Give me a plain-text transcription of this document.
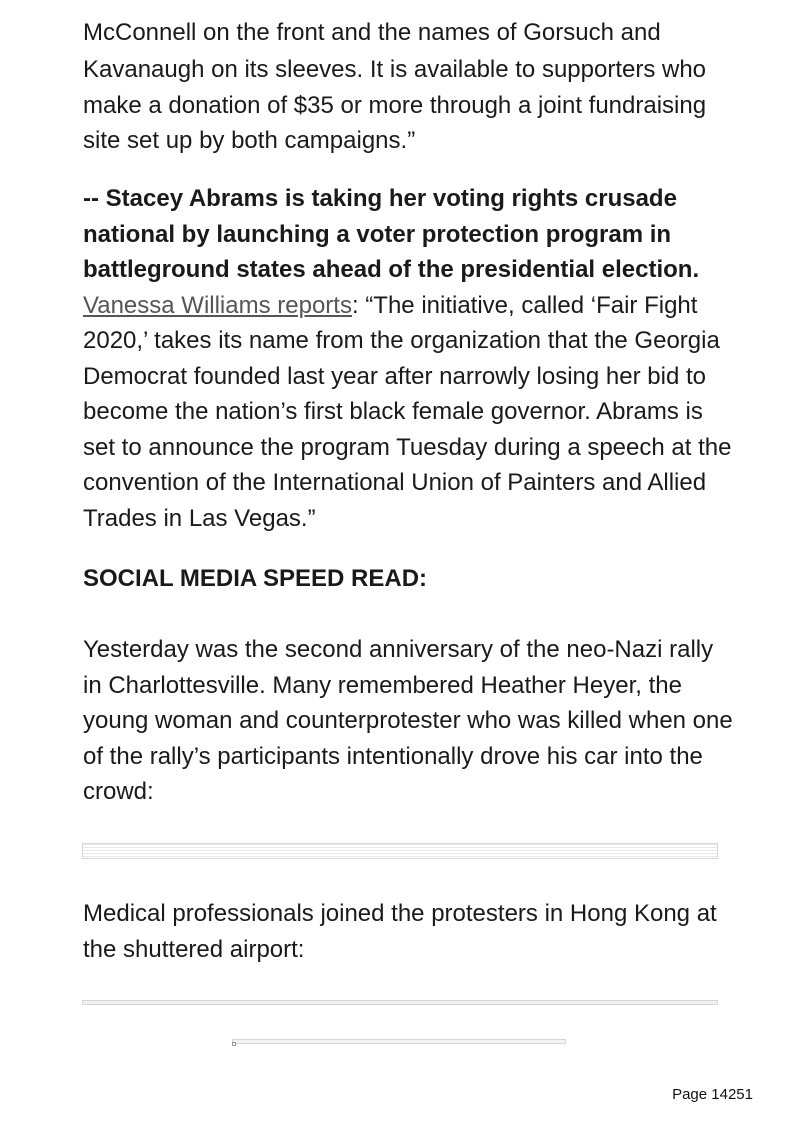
McConnell on the front and the names of Gorsuch and

Kavanaugh on its sleeves. It is available to supporters who make a donation of $35 or more through a joint fundraising site set up by both campaigns.”

-- Stacey Abrams is taking her voting rights crusade national by launching a voter protection program in battleground states ahead of the presidential election. Vanessa Williams reports: “The initiative, called ‘Fair Fight 2020,’ takes its name from the organization that the Georgia Democrat founded last year after narrowly losing her bid to become the nation’s first black female governor. Abrams is set to announce the program Tuesday during a speech at the convention of the International Union of Painters and Allied Trades in Las Vegas.”

SOCIAL MEDIA SPEED READ:

Yesterday was the second anniversary of the neo-Nazi rally in Charlottesville. Many remembered Heather Heyer, the young woman and counterprotester who was killed when one of the rally’s participants intentionally drove his car into the crowd:

Medical professionals joined the protesters in Hong Kong at the shuttered airport:

Page 14251
